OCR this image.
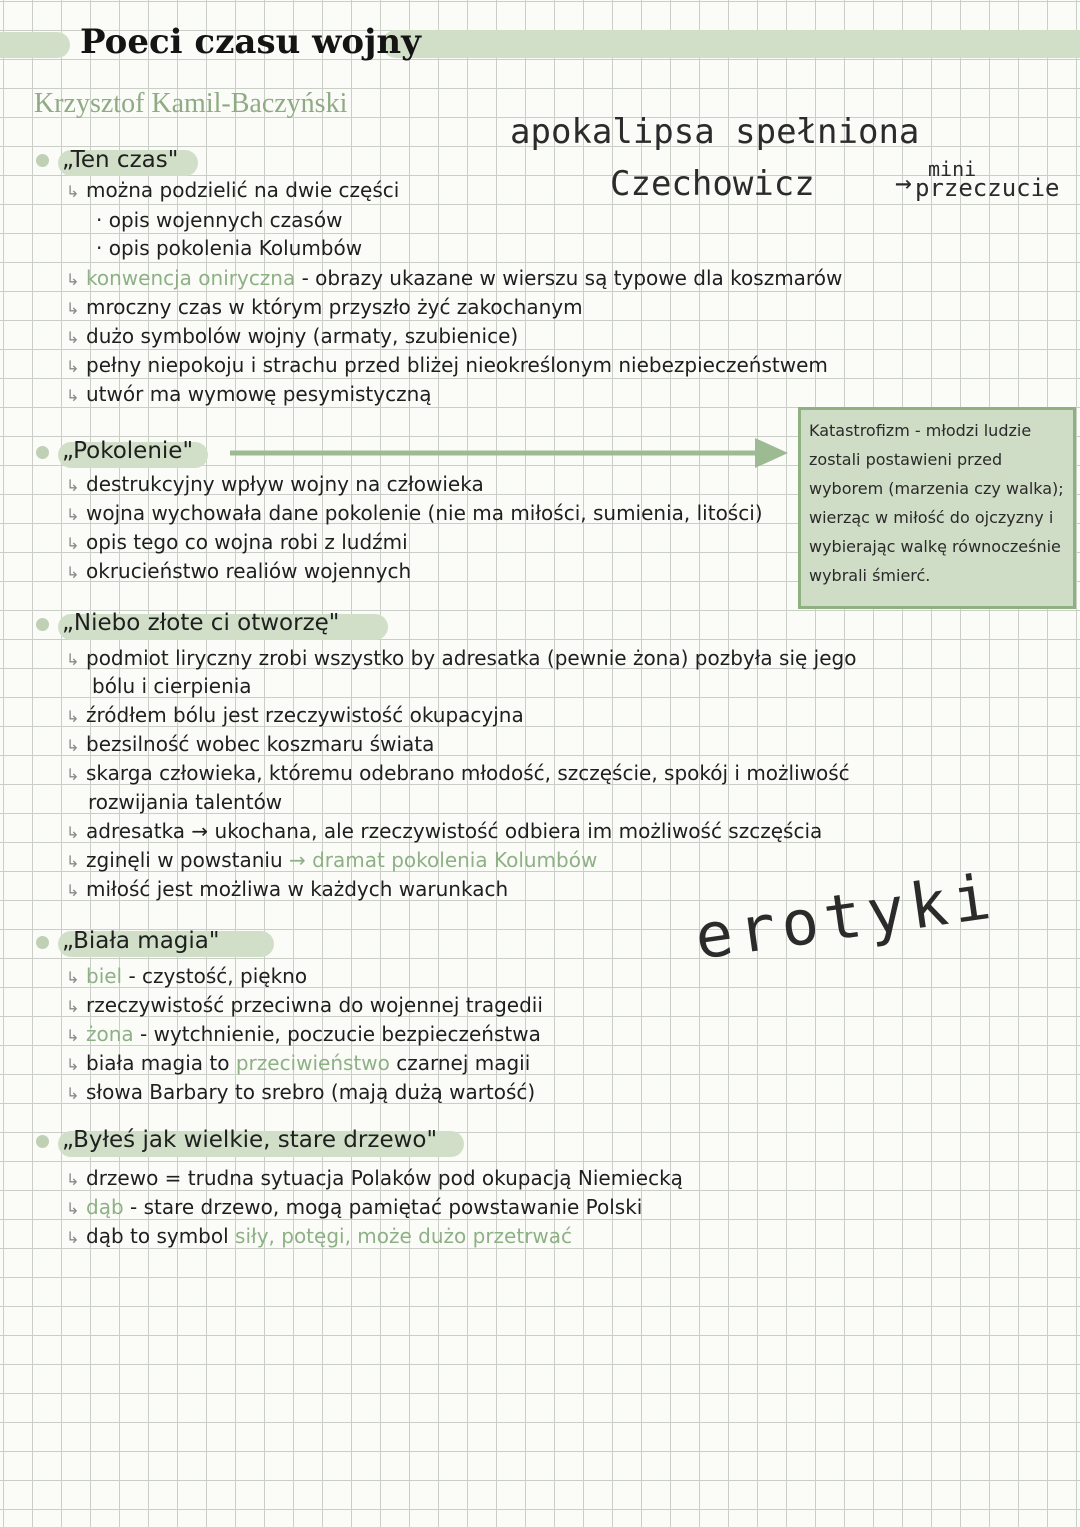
Poeci czasu wojny
Krzysztof Kamil-Baczyński
apokalipsa spełniona
Czechowicz	→ mini
przeczucie
erotyki
„Ten czas"
↳ można podzielić na dwie części
· opis wojennych czasów
· opis pokolenia Kolumbów
↳ konwencja oniryczna - obrazy ukazane w wierszu są typowe dla koszmarów
↳ mroczny czas w którym przyszło żyć zakochanym
↳ dużo symbolów wojny (armaty, szubienice)
↳ pełny niepokoju i strachu przed bliżej nieokreślonym niebezpieczeństwem
↳ utwór ma wymowę pesymistyczną
„Pokolenie"
↳ destrukcyjny wpływ wojny na człowieka
↳ wojna wychowała dane pokolenie (nie ma miłości, sumienia, litości)
↳ opis tego co wojna robi z ludźmi
↳ okrucieństwo realiów wojennych
Katastrofizm - młodzi ludzie zostali postawieni przed wyborem (marzenia czy walka); wierząc w miłość do ojczyzny i wybierając walkę równocześnie wybrali śmierć.
„Niebo złote ci otworzę"
↳ podmiot liryczny zrobi wszystko by adresatka (pewnie żona) pozbyła się jego
bólu i cierpienia
↳ źródłem bólu jest rzeczywistość okupacyjna
↳ bezsilność wobec koszmaru świata
↳ skarga człowieka, któremu odebrano młodość, szczęście, spokój i możliwość
rozwijania talentów
↳ adresatka → ukochana, ale rzeczywistość odbiera im możliwość szczęścia
↳ zginęli w powstaniu → dramat pokolenia Kolumbów
↳ miłość jest możliwa w każdych warunkach
„Biała magia"
↳ biel - czystość, piękno
↳ rzeczywistość przeciwna do wojennej tragedii
↳ żona - wytchnienie, poczucie bezpieczeństwa
↳ biała magia to przeciwieństwo czarnej magii
↳ słowa Barbary to srebro (mają dużą wartość)
„Byłeś jak wielkie, stare drzewo"
↳ drzewo = trudna sytuacja Polaków pod okupacją Niemiecką
↳ dąb - stare drzewo, mogą pamiętać powstawanie Polski
↳ dąb to symbol siły, potęgi, może dużo przetrwać
